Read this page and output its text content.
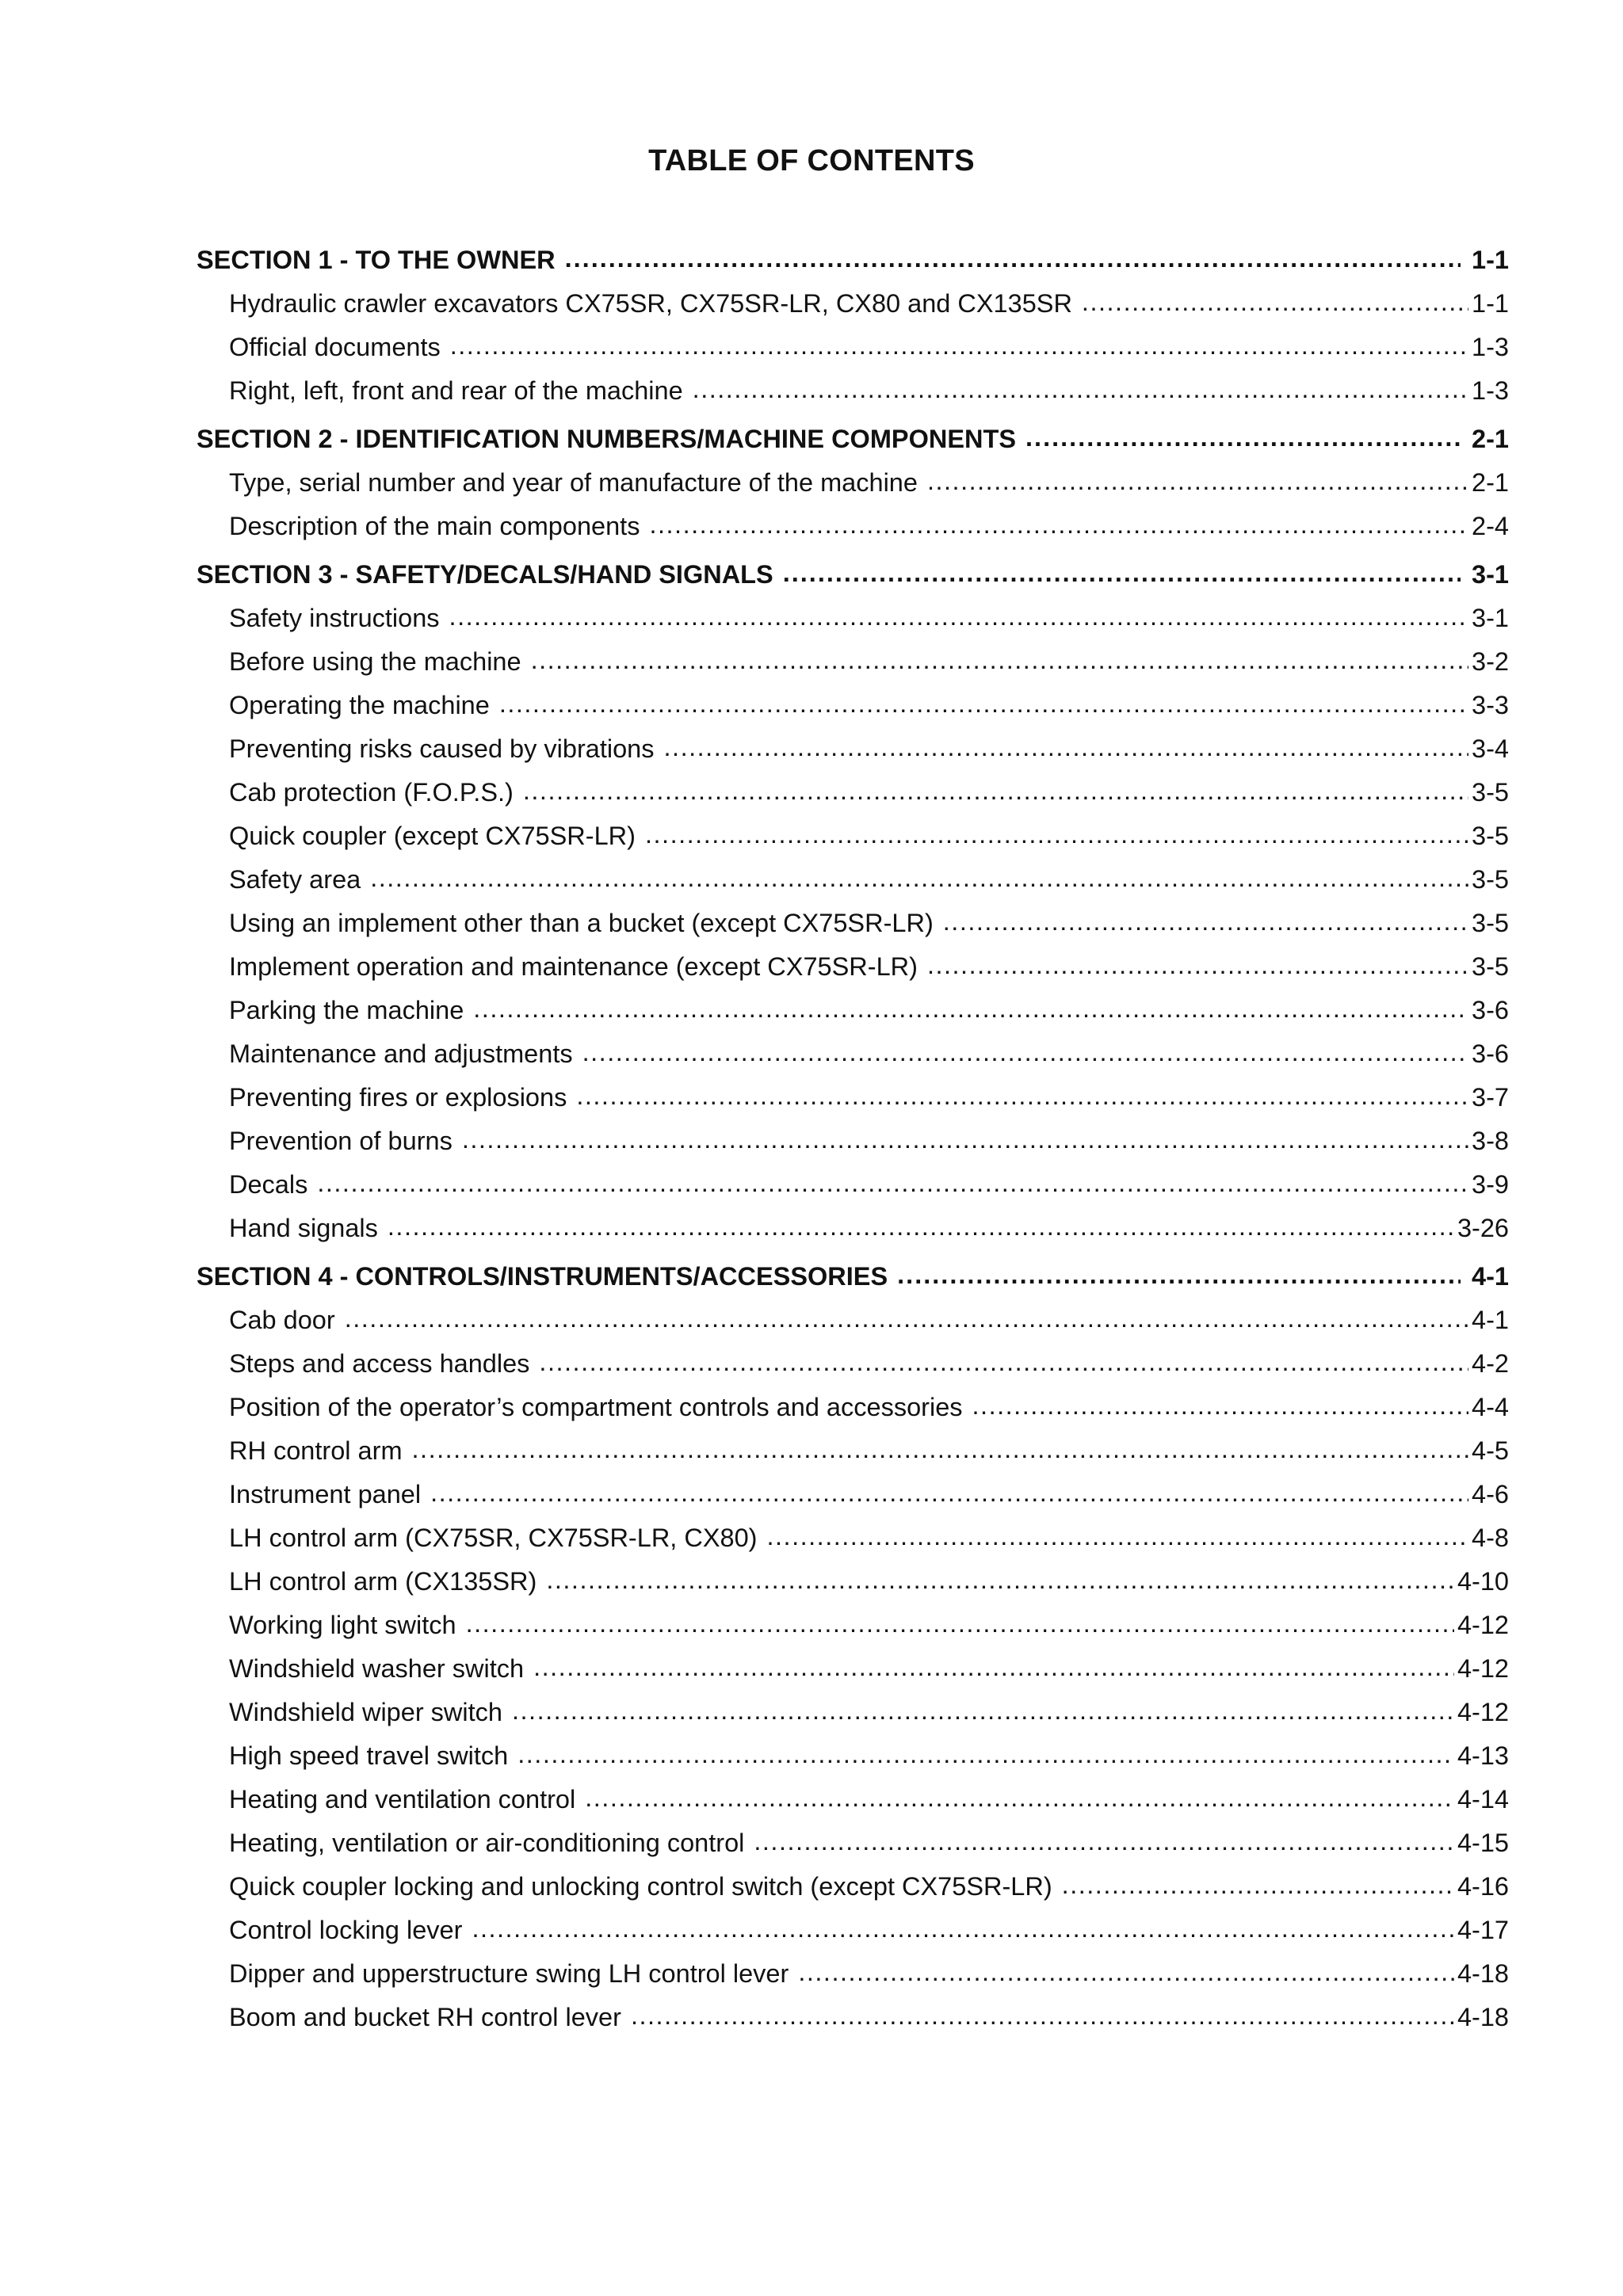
TABLE OF CONTENTS
SECTION 1 - TO THE OWNER .....	1-1
Hydraulic crawler excavators CX75SR, CX75SR-LR, CX80 and CX135SR .....	1-1
Official documents .....	1-3
Right, left, front and rear of the machine .....	1-3
SECTION 2 - IDENTIFICATION NUMBERS/MACHINE COMPONENTS .....	2-1
Type, serial number and year of manufacture of the machine .....	2-1
Description of the main components .....	2-4
SECTION 3 - SAFETY/DECALS/HAND SIGNALS .....	3-1
Safety instructions .....	3-1
Before using the machine .....	3-2
Operating the machine .....	3-3
Preventing risks caused by vibrations .....	3-4
Cab protection (F.O.P.S.) .....	3-5
Quick coupler (except CX75SR-LR) .....	3-5
Safety area .....	3-5
Using an implement other than a bucket (except CX75SR-LR) .....	3-5
Implement operation and maintenance (except CX75SR-LR) .....	3-5
Parking the machine .....	3-6
Maintenance and adjustments .....	3-6
Preventing fires or explosions .....	3-7
Prevention of burns .....	3-8
Decals .....	3-9
Hand signals .....	3-26
SECTION 4 - CONTROLS/INSTRUMENTS/ACCESSORIES .....	4-1
Cab door .....	4-1
Steps and access handles .....	4-2
Position of the operator’s compartment controls and accessories .....	4-4
RH control arm .....	4-5
Instrument panel .....	4-6
LH control arm (CX75SR, CX75SR-LR, CX80) .....	4-8
LH control arm (CX135SR) .....	4-10
Working light switch .....	4-12
Windshield washer switch .....	4-12
Windshield wiper switch .....	4-12
High speed travel switch .....	4-13
Heating and ventilation control .....	4-14
Heating, ventilation or air-conditioning control .....	4-15
Quick coupler locking and unlocking control switch (except CX75SR-LR) .....	4-16
Control locking lever .....	4-17
Dipper and upperstructure swing LH control lever .....	4-18
Boom and bucket RH control lever .....	4-18
